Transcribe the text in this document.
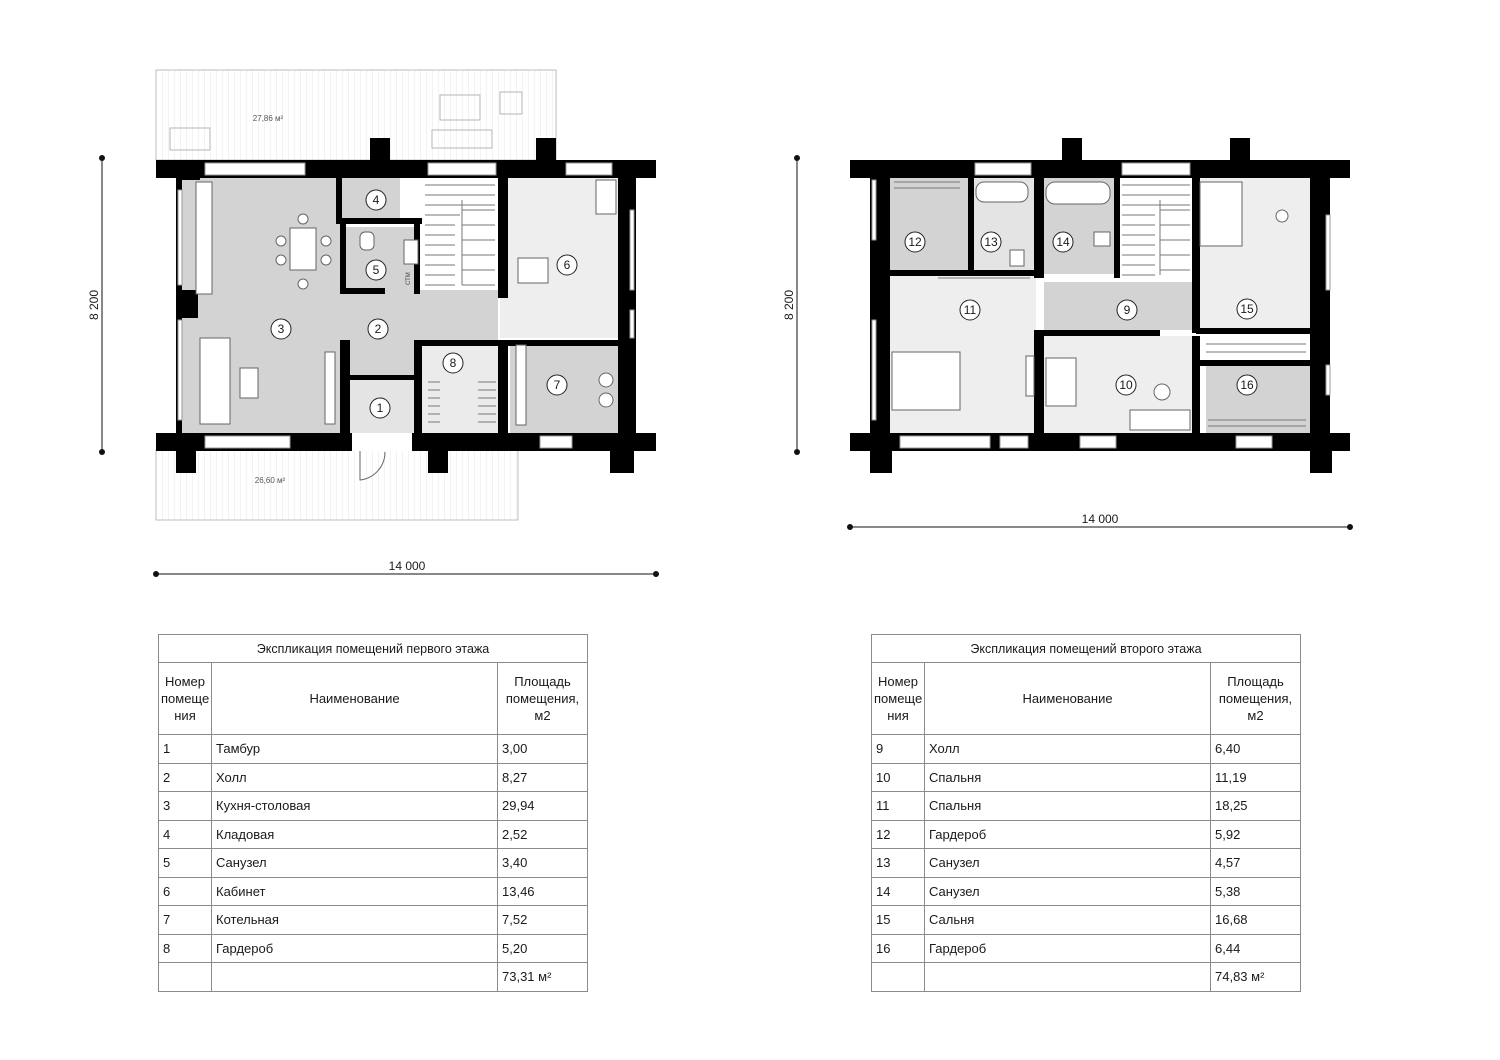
27,86 м²
26,60 м²
1
2
3
4
5	6
7
8
СТМ
8 200
14 000
9
10
11
12	13	14
15
16
8 200
14 000
Экспликация помещений первого этажа		
Номер помеще ния	Наименование	Площадь помещения, м2
1	Тамбур	3,00
2	Холл	8,27
3	Кухня-столовая	29,94
4	Кладовая	2,52
5	Санузел	3,40
6	Кабинет	13,46
7	Котельная	7,52
8	Гардероб	5,20
		73,31 м²
Экспликация помещений второго этажа		
Номер помеще ния	Наименование	Площадь помещения, м2
9	Холл	6,40
10	Спальня	11,19
11	Спальня	18,25
12	Гардероб	5,92
13	Санузел	4,57
14	Санузел	5,38
15	Сальня	16,68
16	Гардероб	6,44
		74,83 м²
